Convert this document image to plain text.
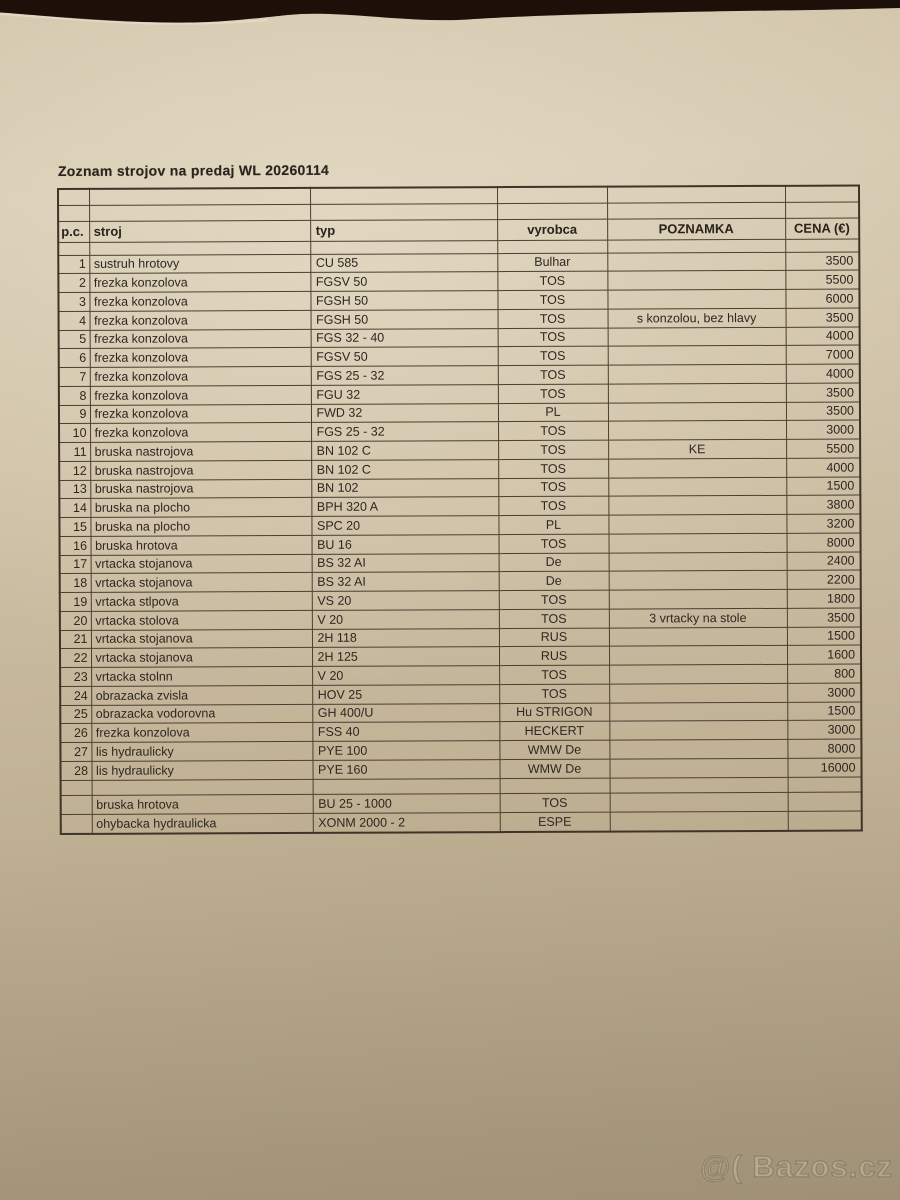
Zoznam strojov na predaj WL 20260114

p.c.	stroj	typ	vyrobca	POZNAMKA	CENA (€)

1	sustruh hrotovy	CU 585	Bulhar		3500
2	frezka konzolova	FGSV 50	TOS		5500
3	frezka konzolova	FGSH 50	TOS		6000
4	frezka konzolova	FGSH 50	TOS	s konzolou, bez hlavy	3500
5	frezka konzolova	FGS 32 - 40	TOS		4000
6	frezka konzolova	FGSV 50	TOS		7000
7	frezka konzolova	FGS 25 - 32	TOS		4000
8	frezka konzolova	FGU 32	TOS		3500
9	frezka konzolova	FWD 32	PL		3500
10	frezka konzolova	FGS 25 - 32	TOS		3000
11	bruska nastrojova	BN 102 C	TOS	KE	5500
12	bruska nastrojova	BN 102 C	TOS		4000
13	bruska nastrojova	BN 102	TOS		1500
14	bruska na plocho	BPH 320 A	TOS		3800
15	bruska na plocho	SPC 20	PL		3200
16	bruska hrotova	BU 16	TOS		8000
17	vrtacka stojanova	BS 32 AI	De		2400
18	vrtacka stojanova	BS 32 AI	De		2200
19	vrtacka stlpova	VS 20	TOS		1800
20	vrtacka stolova	V 20	TOS	3 vrtacky na stole	3500
21	vrtacka stojanova	2H 118	RUS		1500
22	vrtacka stojanova	2H 125	RUS		1600
23	vrtacka stolnn	V 20	TOS		800
24	obrazacka zvisla	HOV 25	TOS		3000
25	obrazacka vodorovna	GH 400/U	Hu STRIGON		1500
26	frezka konzolova	FSS 40	HECKERT		3000
27	lis hydraulicky	PYE 100	WMW De		8000
28	lis hydraulicky	PYE 160	WMW De		16000

	bruska hrotova	BU 25 - 1000	TOS		
	ohybacka hydraulicka	XONM 2000 - 2	ESPE		
@( Bazos.cz
